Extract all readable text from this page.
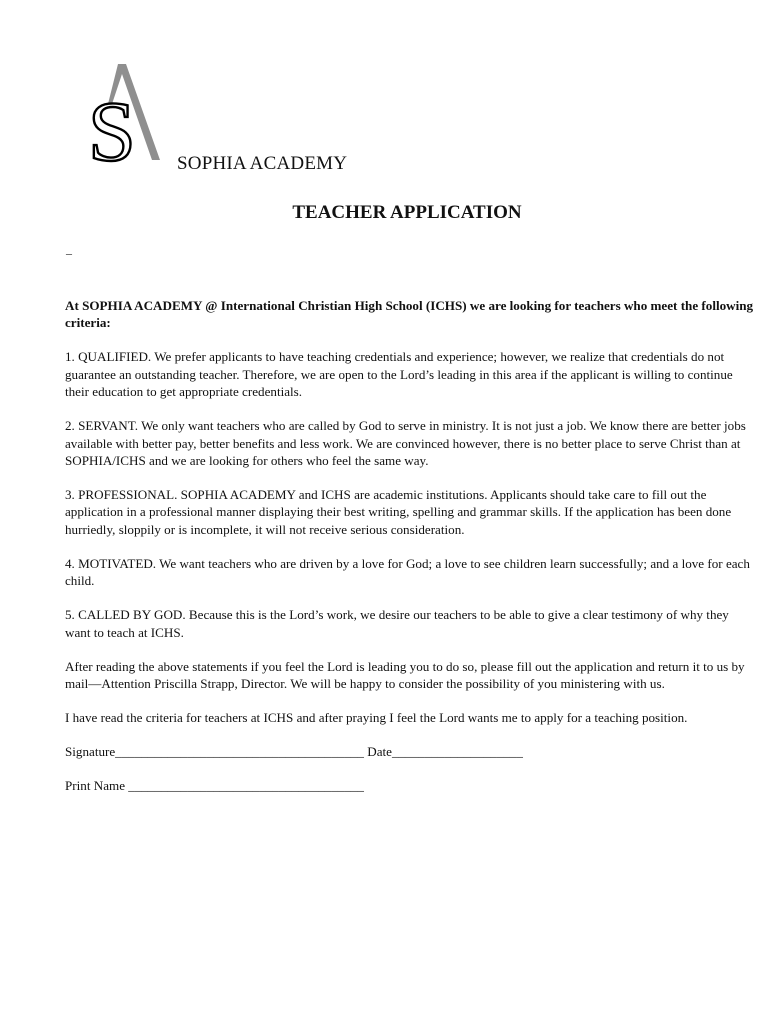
S SOPHIA ACADEMY
TEACHER APPLICATION
–

At SOPHIA ACADEMY @ International Christian High School (ICHS) we are looking for teachers who meet the following criteria:

1. QUALIFIED. We prefer applicants to have teaching credentials and experience; however, we realize that credentials do not guarantee an outstanding teacher. Therefore, we are open to the Lord’s leading in this area if the applicant is willing to continue their education to get appropriate credentials.

2. SERVANT. We only want teachers who are called by God to serve in ministry. It is not just a job. We know there are better jobs available with better pay, better benefits and less work. We are convinced however, there is no better place to serve Christ than at SOPHIA/ICHS and we are looking for others who feel the same way.

3. PROFESSIONAL. SOPHIA ACADEMY and ICHS are academic institutions. Applicants should take care to fill out the application in a professional manner displaying their best writing, spelling and grammar skills. If the application has been done hurriedly, sloppily or is incomplete, it will not receive serious consideration.

4. MOTIVATED. We want teachers who are driven by a love for God; a love to see children learn successfully; and a love for each child.

5. CALLED BY GOD. Because this is the Lord’s work, we desire our teachers to be able to give a clear testimony of why they want to teach at ICHS.

After reading the above statements if you feel the Lord is leading you to do so, please fill out the application and return it to us by mail—Attention Priscilla Strapp, Director. We will be happy to consider the possibility of you ministering with us.

I have read the criteria for teachers at ICHS and after praying I feel the Lord wants me to apply for a teaching position.

Signature______________________________________ Date____________________

Print Name ____________________________________
